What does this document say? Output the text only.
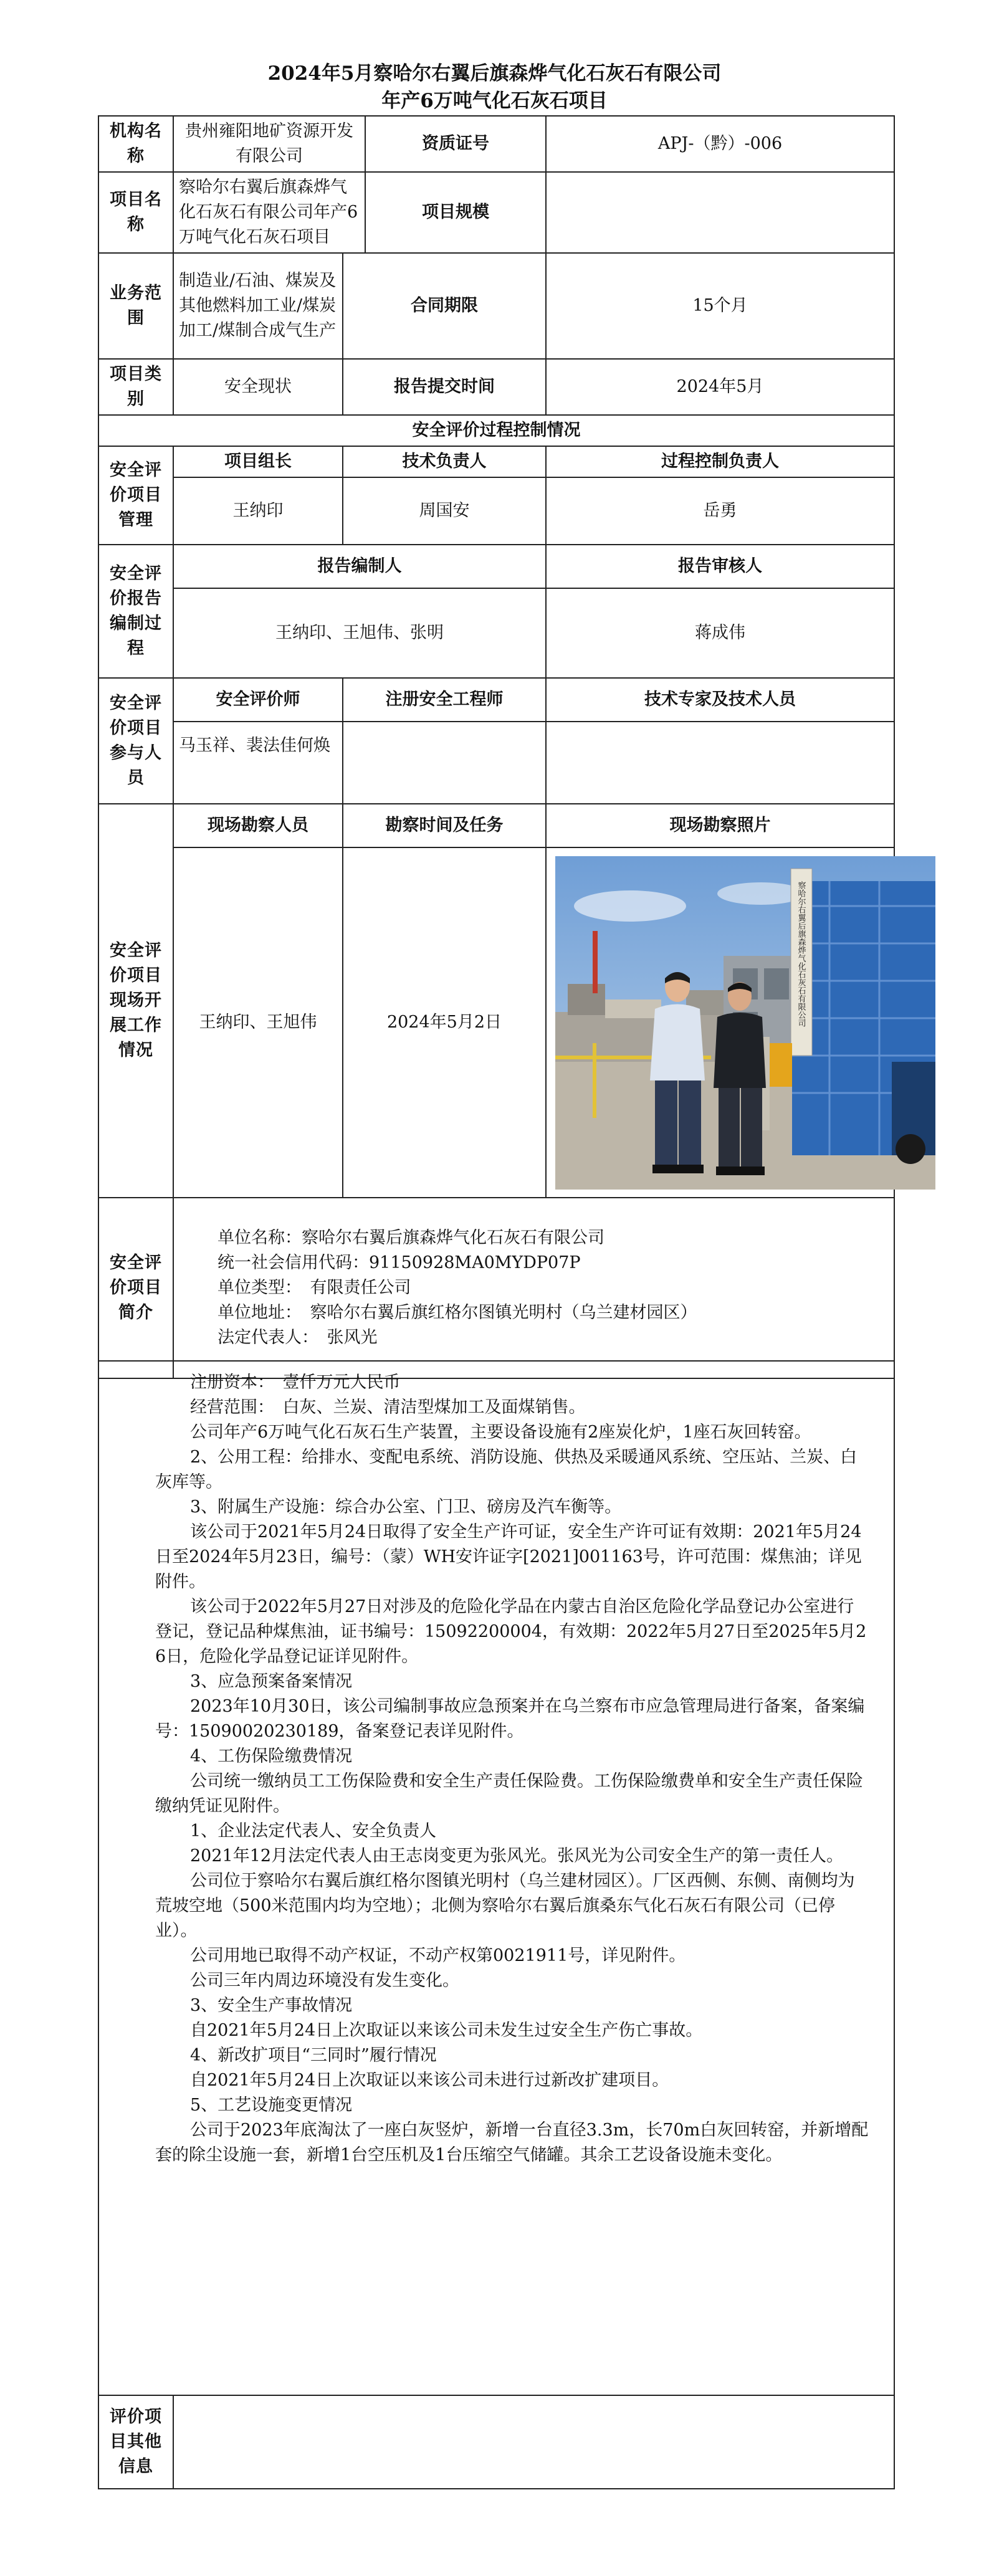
2024年5月察哈尔右翼后旗森烨气化石灰石有限公司
年产6万吨气化石灰石项目
机构名称	贵州雍阳地矿资源开发有限公司		资质证号	APJ-（黔）-006
项目名称	察哈尔右翼后旗森烨气化石灰石有限公司年产6万吨气化石灰石项目		项目规模	
业务范围	制造业/石油、煤炭及其他燃料加工业/煤炭加工/煤制合成气生产	合同期限		15个月
项目类别	安全现状	报告提交时间		2024年5月
安全评价过程控制情况				
安全评价项目管理	项目组长	技术负责人		过程控制负责人
	王纳印	周国安		岳勇
安全评价报告编制过程	报告编制人			报告审核人
	王纳印、王旭伟、张明			蒋成伟
安全评价项目参与人员	安全评价师	注册安全工程师		技术专家及技术人员
	马玉祥、裴法佳何焕			
安全评价项目现场开展工作情况	现场勘察人员	勘察时间及任务		现场勘察照片
	王纳印、王旭伟	2024年5月2日		察哈尔右翼后旗森烨气化石灰石有限公司

安全评价项目简介	单位名称：察哈尔右翼后旗森烨气化石灰石有限公司
统一社会信用代码：91150928MA0MYDP07P
单位类型：　有限责任公司
单位地址：　察哈尔右翼后旗红格尔图镇光明村（乌兰建材园区）
法定代表人：　张风光			

注册资本：　壹仟万元人民币

经营范围：　白灰、兰炭、清洁型煤加工及面煤销售。

公司年产6万吨气化石灰石生产装置，主要设备设施有2座炭化炉，1座石灰回转窑。

2、公用工程：给排水、变配电系统、消防设施、供热及采暖通风系统、空压站、兰炭、白灰库等。

3、附属生产设施：综合办公室、门卫、磅房及汽车衡等。

该公司于2021年5月24日取得了安全生产许可证，安全生产许可证有效期：2021年5月24日至2024年5月23日，编号：（蒙）WH安许证字[2021]001163号，许可范围：煤焦油；详见附件。

该公司于2022年5月27日对涉及的危险化学品在内蒙古自治区危险化学品登记办公室进行登记，登记品种煤焦油，证书编号：15092200004，有效期：2022年5月27日至2025年5月26日，危险化学品登记证详见附件。

3、应急预案备案情况

2023年10月30日，该公司编制事故应急预案并在乌兰察布市应急管理局进行备案，备案编号：15090020230189，备案登记表详见附件。

4、工伤保险缴费情况

公司统一缴纳员工工伤保险费和安全生产责任保险费。工伤保险缴费单和安全生产责任保险缴纳凭证见附件。

1、企业法定代表人、安全负责人

2021年12月法定代表人由王志岗变更为张风光。张风光为公司安全生产的第一责任人。

公司位于察哈尔右翼后旗红格尔图镇光明村（乌兰建材园区）。厂区西侧、东侧、南侧均为荒坡空地（500米范围内均为空地）；北侧为察哈尔右翼后旗桑东气化石灰石有限公司（已停业）。

公司用地已取得不动产权证，不动产权第0021911号，详见附件。

公司三年内周边环境没有发生变化。

3、安全生产事故情况

自2021年5月24日上次取证以来该公司未发生过安全生产伤亡事故。

4、新改扩项目“三同时”履行情况

自2021年5月24日上次取证以来该公司未进行过新改扩建项目。

5、工艺设施变更情况

公司于2023年底淘汰了一座白灰竖炉，新增一台直径3.3m，长70m白灰回转窑，并新增配套的除尘设施一套，新增1台空压机及1台压缩空气储罐。其余工艺设备设施未变化。

评价项目其他信息	
